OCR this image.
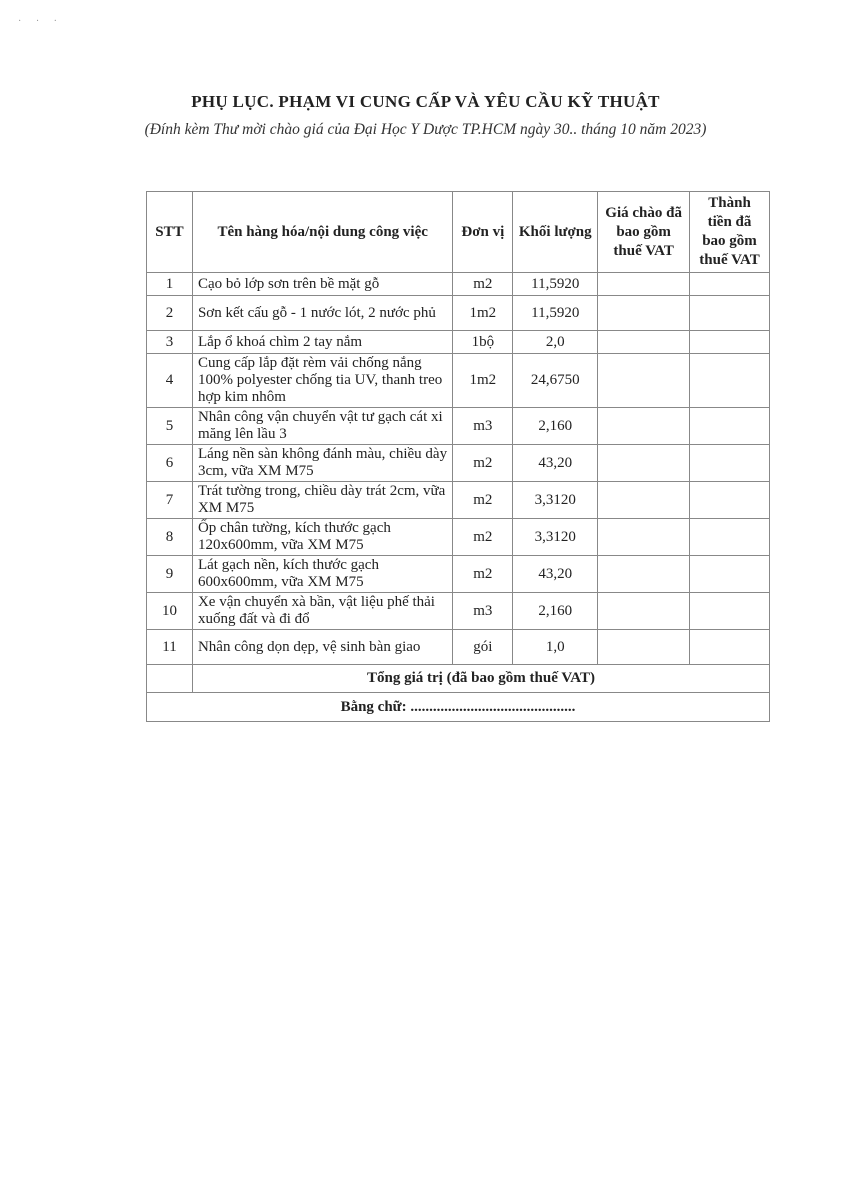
· · ·
PHỤ LỤC. PHẠM VI CUNG CẤP VÀ YÊU CẦU KỸ THUẬT
(Đính kèm Thư mời chào giá của Đại Học Y Dược TP.HCM ngày 30.. tháng 10 năm 2023)
STT	Tên hàng hóa/nội dung công việc	Đơn vị	Khối lượng	Giá chào đã bao gồm thuế VAT	Thành tiền đã bao gồm thuế VAT
1	Cạo bỏ lớp sơn trên bề mặt gỗ	m2	11,5920		
2	Sơn kết cấu gỗ - 1 nước lót, 2 nước phủ	1m2	11,5920		
3	Lắp ổ khoá chìm 2 tay nắm	1bộ	2,0		
4	Cung cấp lắp đặt rèm vải chống nắng 100% polyester chống tia UV, thanh treo hợp kim nhôm	1m2	24,6750		
5	Nhân công vận chuyển vật tư gạch cát xi măng lên lầu 3	m3	2,160		
6	Láng nền sàn không đánh màu, chiều dày 3cm, vữa XM M75	m2	43,20		
7	Trát tường trong, chiều dày trát 2cm, vữa XM M75	m2	3,3120		
8	Ốp chân tường, kích thước gạch 120x600mm, vữa XM M75	m2	3,3120		
9	Lát gạch nền, kích thước gạch 600x600mm, vữa XM M75	m2	43,20		
10	Xe vận chuyển xà bần, vật liệu phế thải xuống đất và đi đổ	m3	2,160		
11	Nhân công dọn dẹp, vệ sinh bàn giao	gói	1,0		
	Tổng giá trị (đã bao gồm thuế VAT)				
Bằng chữ: ............................................					
